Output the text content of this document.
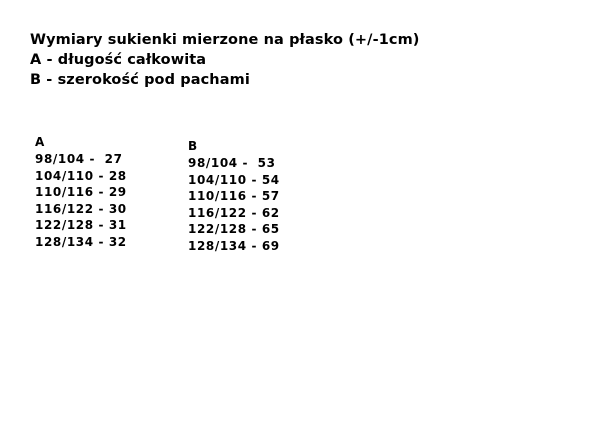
Wymiary sukienki mierzone na płasko (+/-1cm)
A - długość całkowita
B - szerokość pod pachami
A
98/104 -  27
104/110 - 28
110/116 - 29
116/122 - 30
122/128 - 31
128/134 - 32
B
98/104 -  53
104/110 - 54
110/116 - 57
116/122 - 62
122/128 - 65
128/134 - 69
